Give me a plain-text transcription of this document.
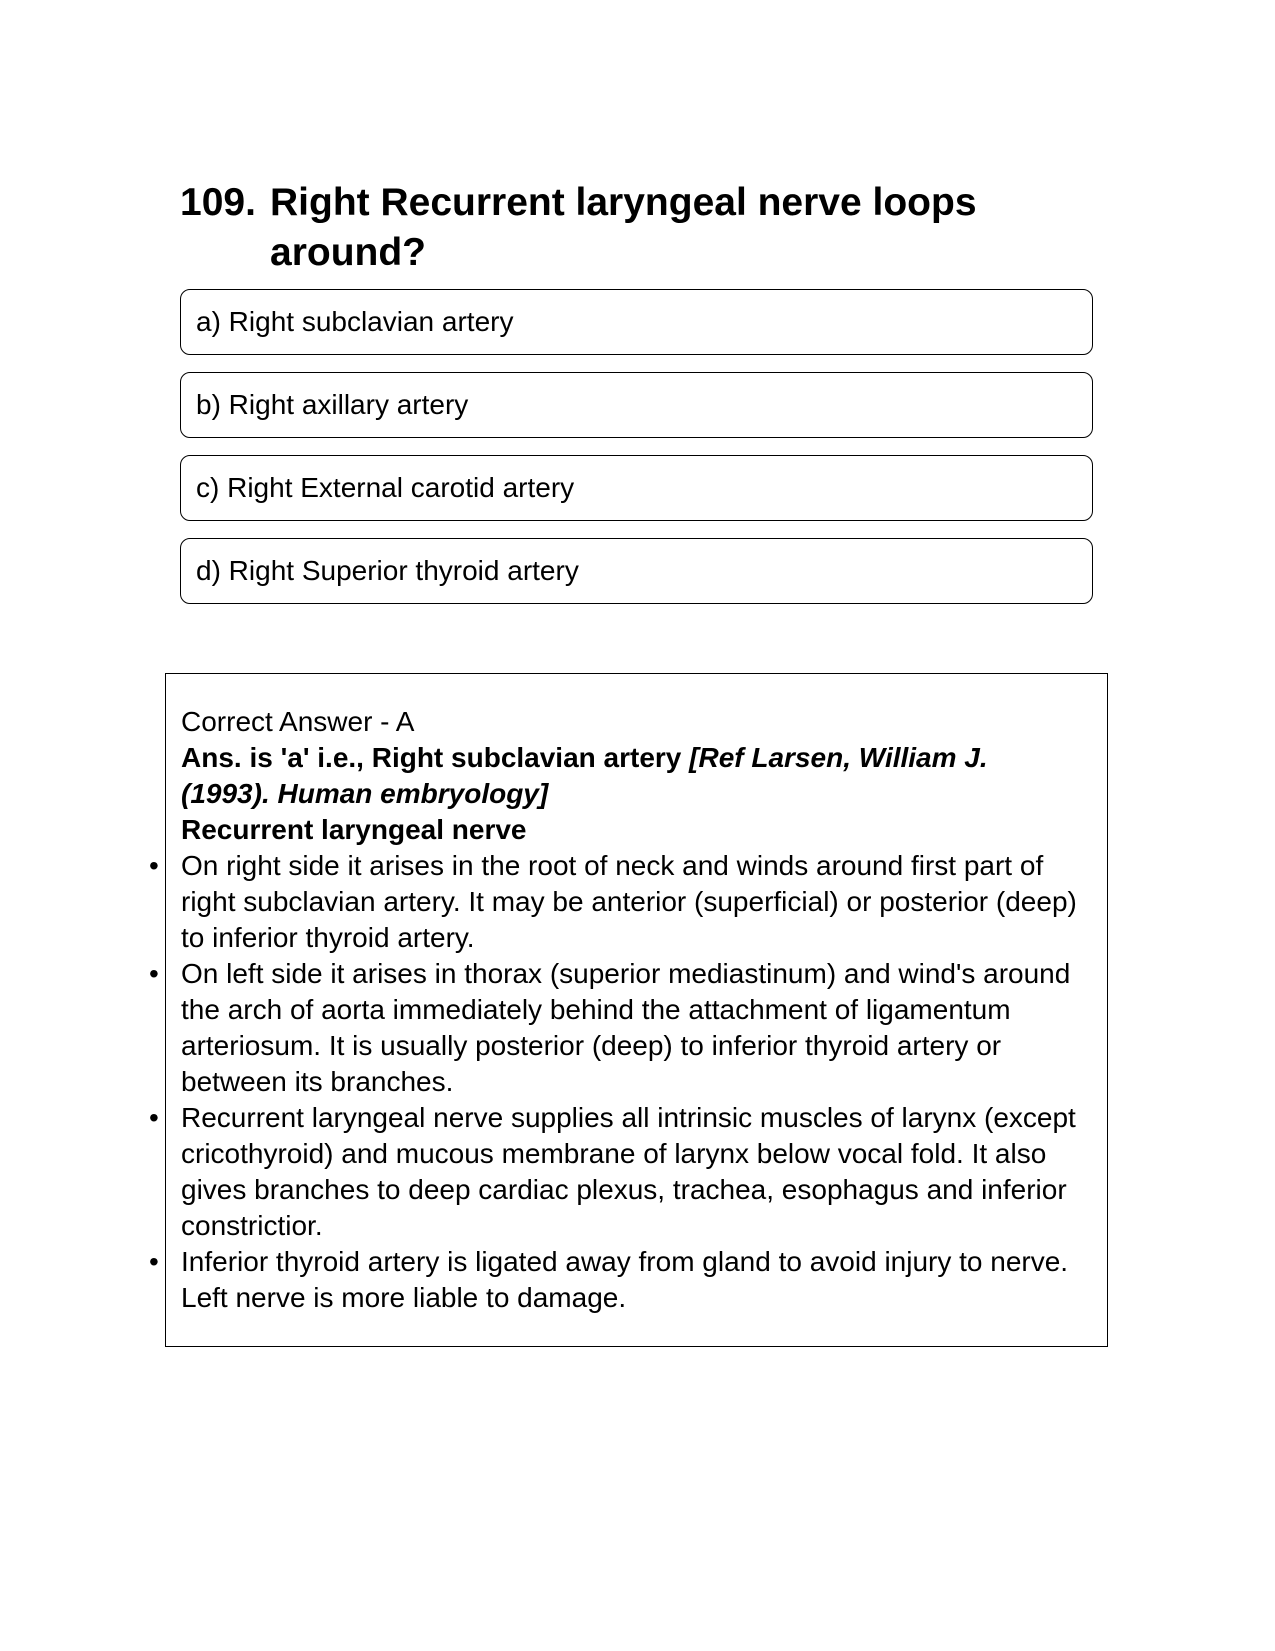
109. Right Recurrent laryngeal nerve loops around?
a) Right subclavian artery
b) Right axillary artery
c) Right External carotid artery
d) Right Superior thyroid artery

Correct Answer - A

Ans. is 'a' i.e., Right subclavian artery [Ref Larsen, William J. (1993). Human embryology]

Recurrent laryngeal nerve

• On right side it arises in the root of neck and winds around first part of right subclavian artery. It may be anterior (superficial) or posterior (deep) to inferior thyroid artery.
• On left side it arises in thorax (superior mediastinum) and wind's around the arch of aorta immediately behind the attachment of ligamentum arteriosum. It is usually posterior (deep) to inferior thyroid artery or between its branches.
• Recurrent laryngeal nerve supplies all intrinsic muscles of larynx (except cricothyroid) and mucous membrane of larynx below vocal fold. It also gives branches to deep cardiac plexus, trachea, esophagus and inferior constrictior.
• Inferior thyroid artery is ligated away from gland to avoid injury to nerve. Left nerve is more liable to damage.
